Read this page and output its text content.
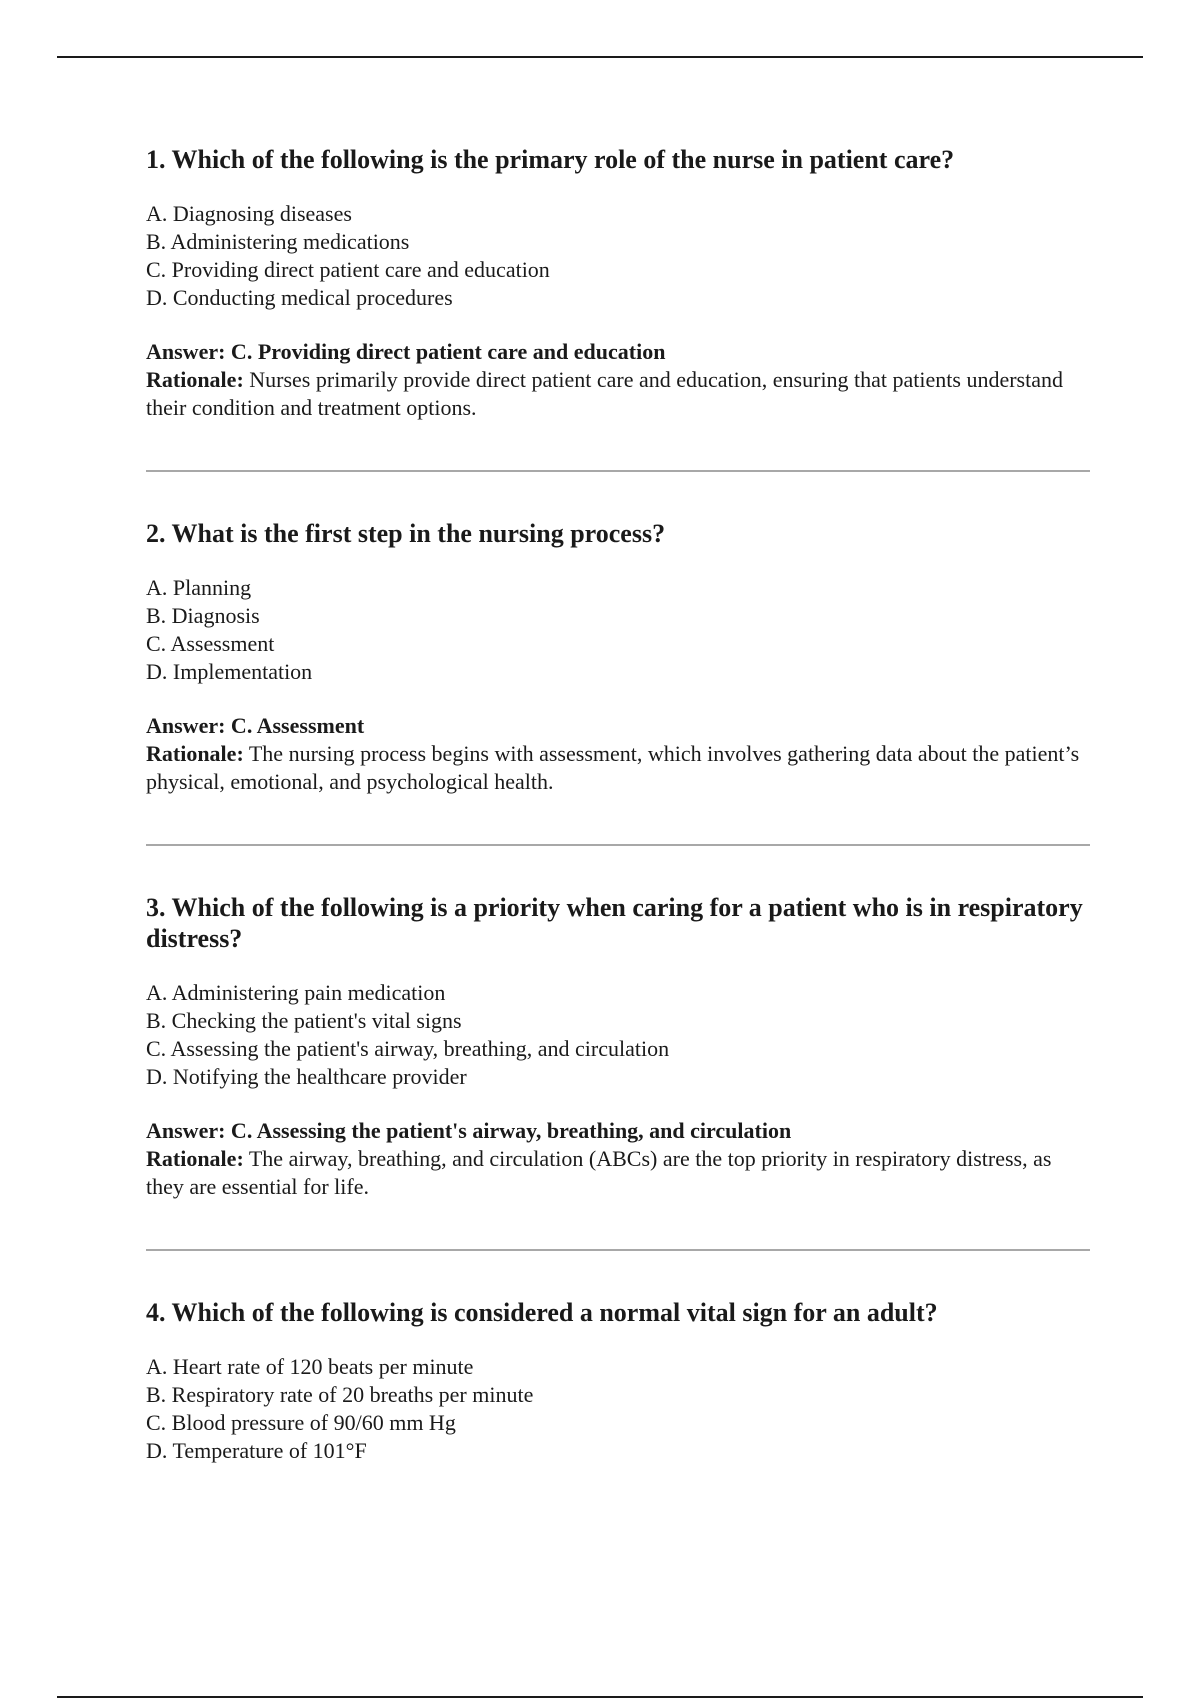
1. Which of the following is the primary role of the nurse in patient care?
A. Diagnosing diseases
B. Administering medications
C. Providing direct patient care and education
D. Conducting medical procedures
Answer: C. Providing direct patient care and education
Rationale: Nurses primarily provide direct patient care and education, ensuring that patients understand their condition and treatment options.
2. What is the first step in the nursing process?
A. Planning
B. Diagnosis
C. Assessment
D. Implementation
Answer: C. Assessment
Rationale: The nursing process begins with assessment, which involves gathering data about the patient’s physical, emotional, and psychological health.
3. Which of the following is a priority when caring for a patient who is in respiratory distress?
A. Administering pain medication
B. Checking the patient's vital signs
C. Assessing the patient's airway, breathing, and circulation
D. Notifying the healthcare provider
Answer: C. Assessing the patient's airway, breathing, and circulation
Rationale: The airway, breathing, and circulation (ABCs) are the top priority in respiratory distress, as they are essential for life.
4. Which of the following is considered a normal vital sign for an adult?
A. Heart rate of 120 beats per minute
B. Respiratory rate of 20 breaths per minute
C. Blood pressure of 90/60 mm Hg
D. Temperature of 101°F
